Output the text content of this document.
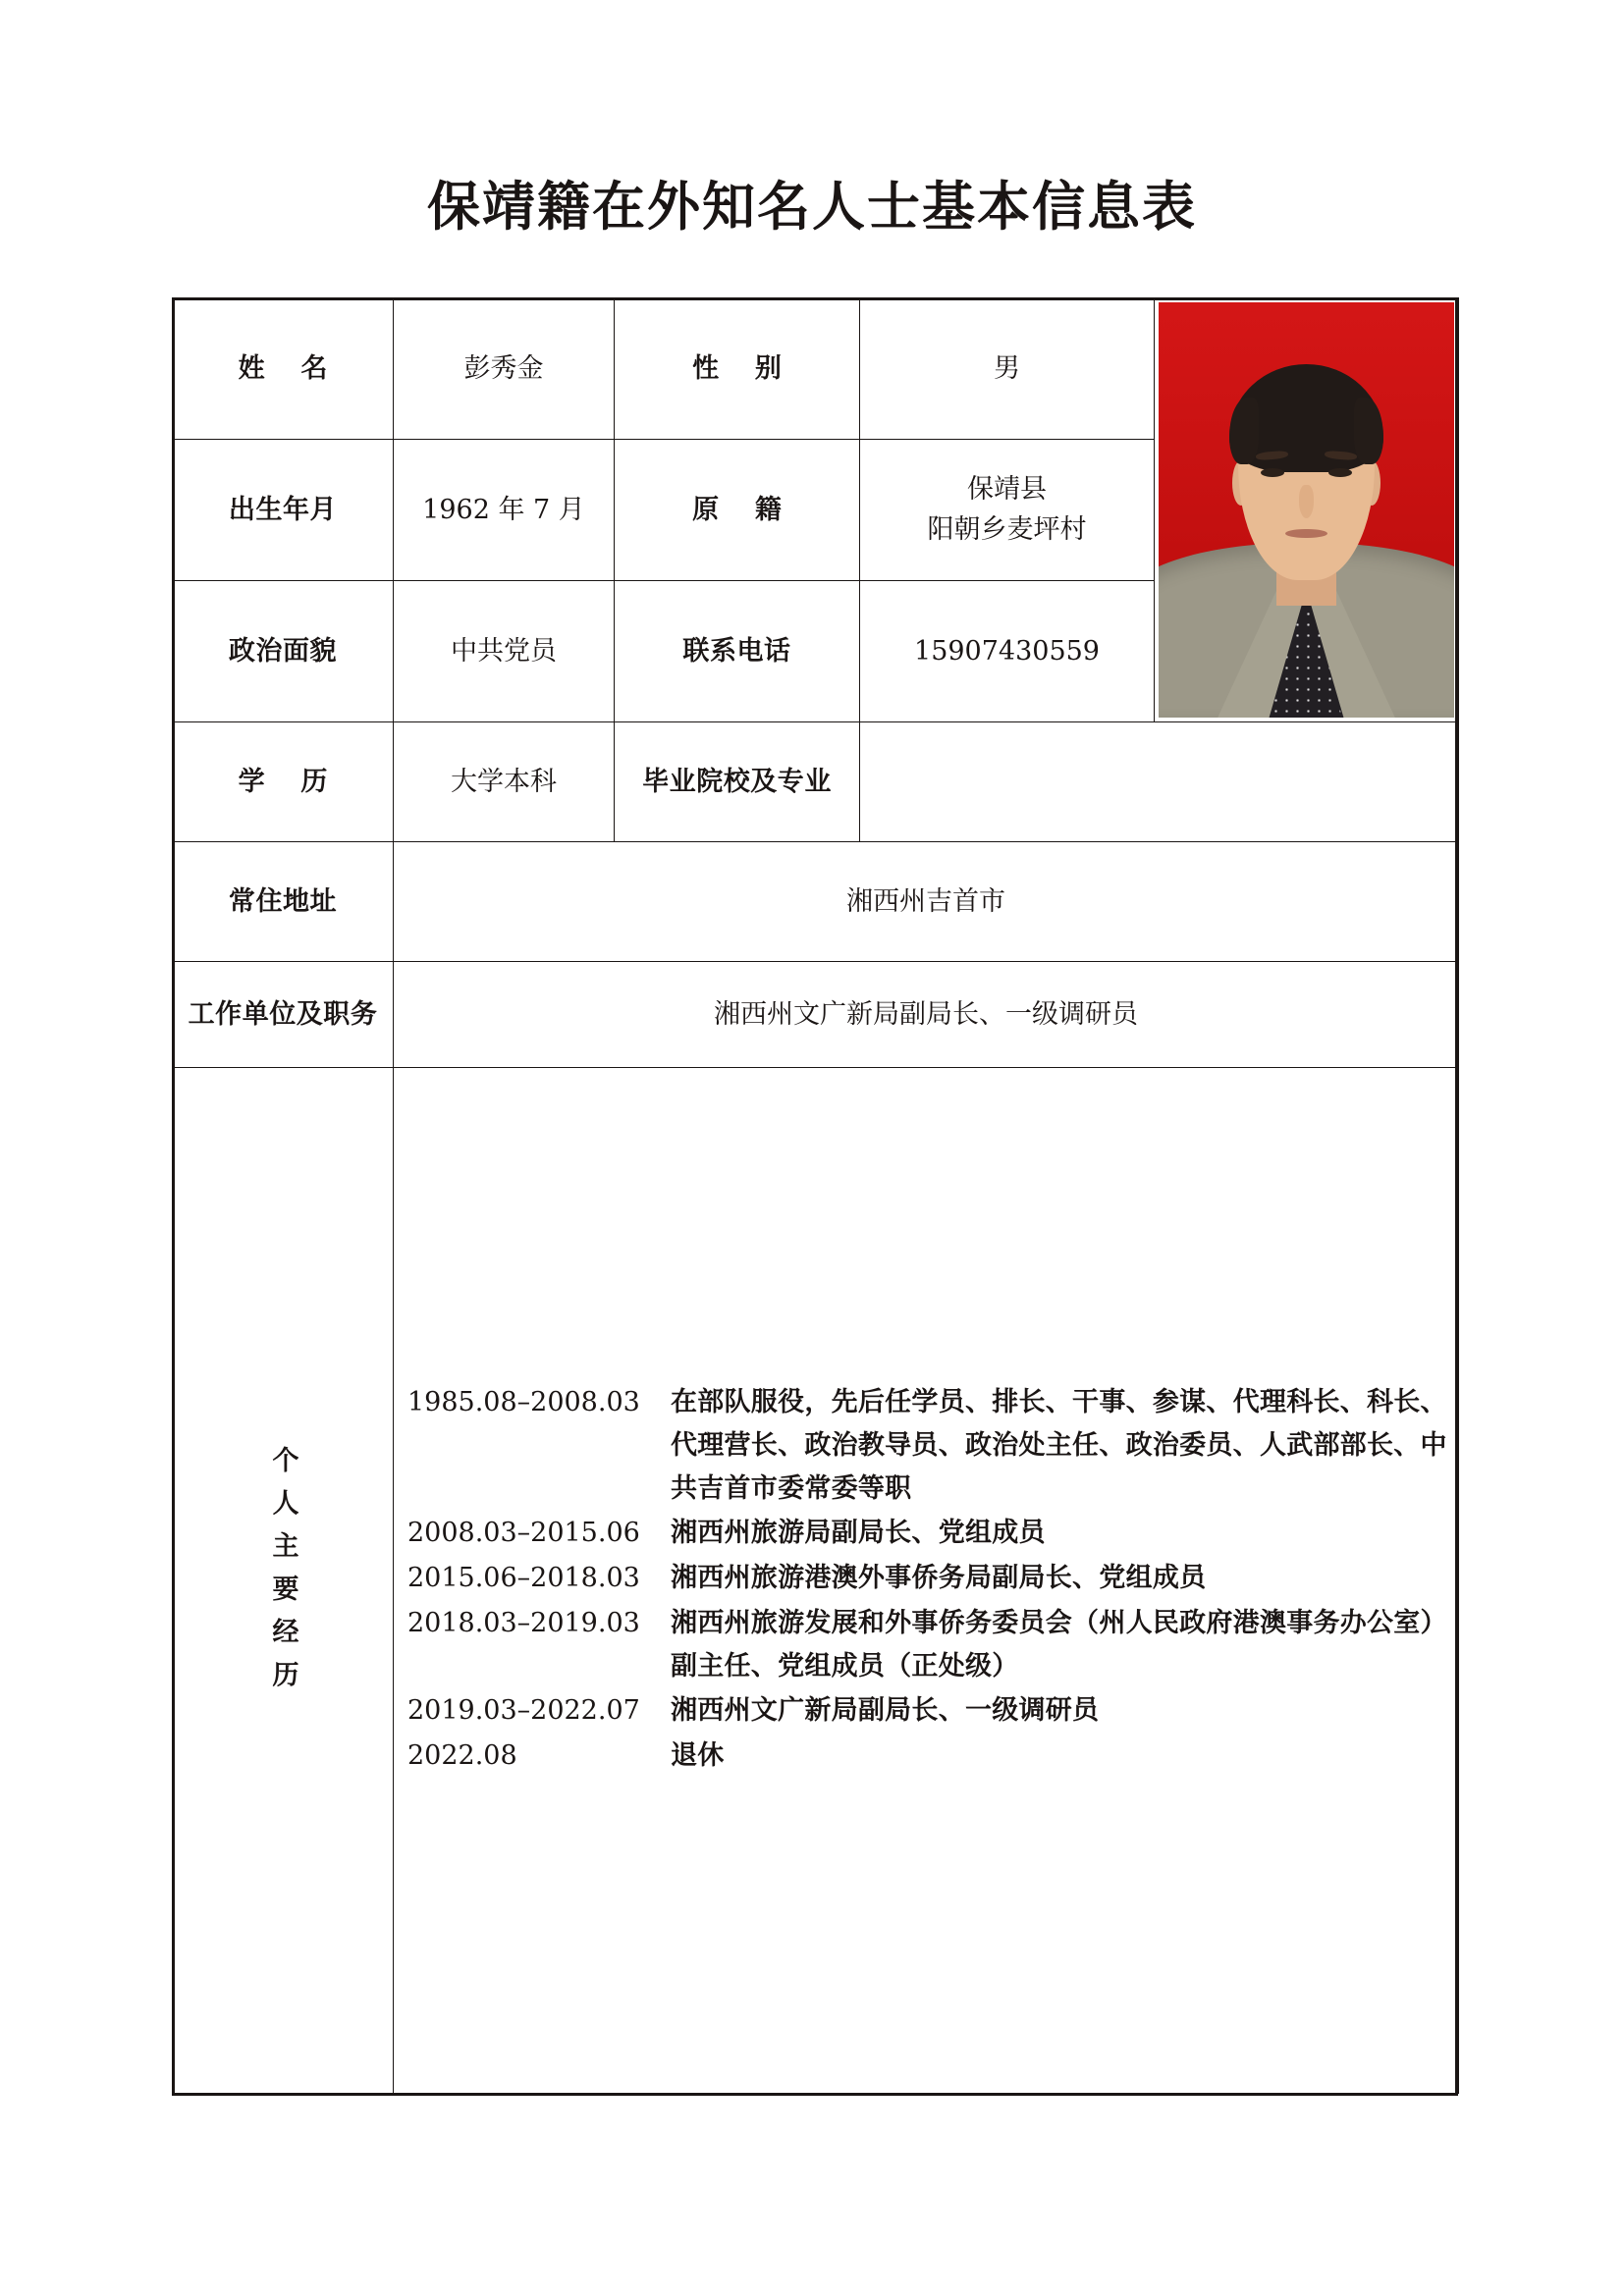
保靖籍在外知名人士基本信息表
姓　名	彭秀金	性　别	男	

出生年月	1962 年 7 月	原　籍	保靖县
阳朝乡麦坪村	

政治面貌	中共党员	联系电话	15907430559	
学　历	大学本科	毕业院校及专业		
常住地址	湘西州吉首市			
工作单位及职务	湘西州文广新局副局长、一级调研员			
个人主要经历	
1985.08–2008.03	在部队服役，先后任学员、排长、干事、参谋、代理科长、科长、代理营长、政治教导员、政治处主任、政治委员、人武部部长、中共吉首市委常委等职
2008.03–2015.06	湘西州旅游局副局长、党组成员
2015.06–2018.03	湘西州旅游港澳外事侨务局副局长、党组成员
2018.03–2019.03	湘西州旅游发展和外事侨务委员会（州人民政府港澳事务办公室）副主任、党组成员（正处级）
2019.03–2022.07	湘西州文广新局副局长、一级调研员
2022.08	退休
